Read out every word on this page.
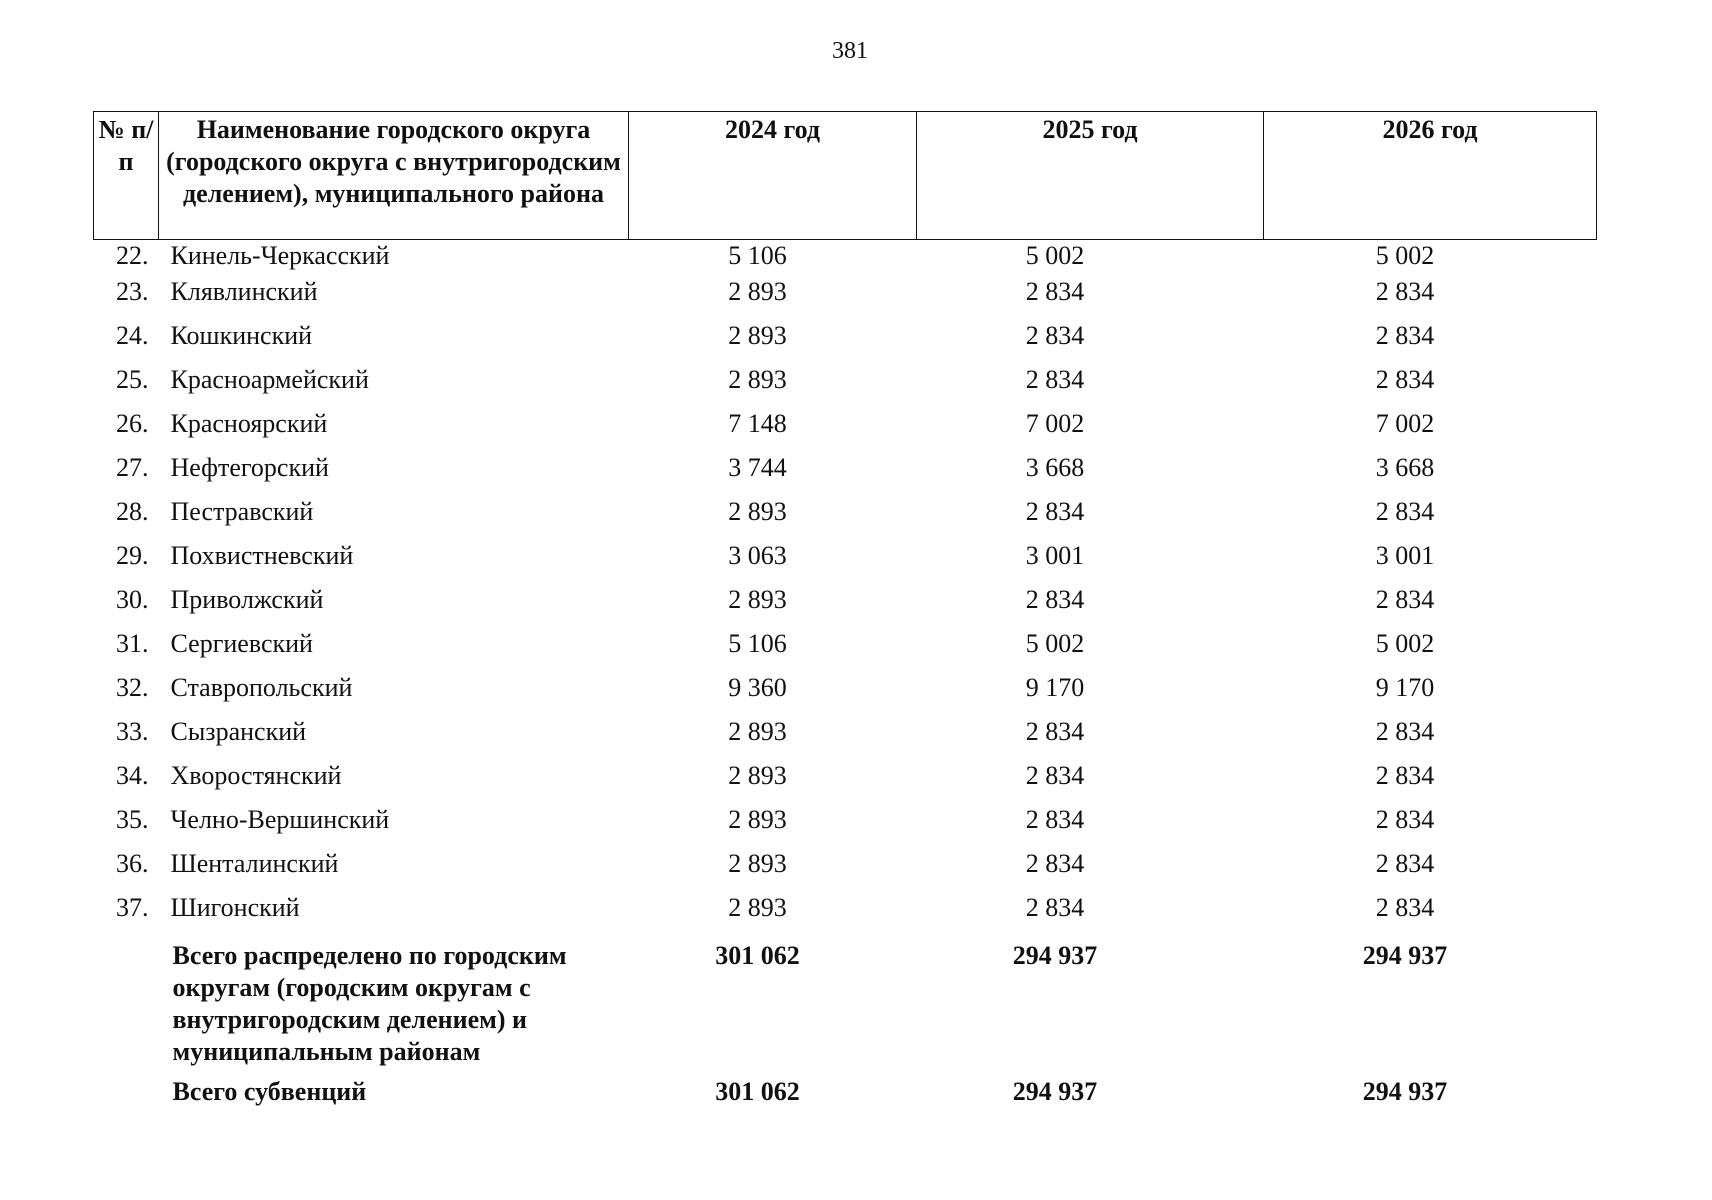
381
№ п/п	Наименование городского округа (городского округа с внутригородским делением), муниципального района	2024 год	2025 год	2026 год
22.	Кинель-Черкасский	5 106	5 002	5 002
23.	Клявлинский	2 893	2 834	2 834
24.	Кошкинский	2 893	2 834	2 834
25.	Красноармейский	2 893	2 834	2 834
26.	Красноярский	7 148	7 002	7 002
27.	Нефтегорский	3 744	3 668	3 668
28.	Пестравский	2 893	2 834	2 834
29.	Похвистневский	3 063	3 001	3 001
30.	Приволжский	2 893	2 834	2 834
31.	Сергиевский	5 106	5 002	5 002
32.	Ставропольский	9 360	9 170	9 170
33.	Сызранский	2 893	2 834	2 834
34.	Хворостянский	2 893	2 834	2 834
35.	Челно-Вершинский	2 893	2 834	2 834
36.	Шенталинский	2 893	2 834	2 834
37.	Шигонский	2 893	2 834	2 834
	Всего распределено по городским округам (городским округам с внутригородским делением) и муниципальным районам	301 062	294 937	294 937
	Всего субвенций	301 062	294 937	294 937
